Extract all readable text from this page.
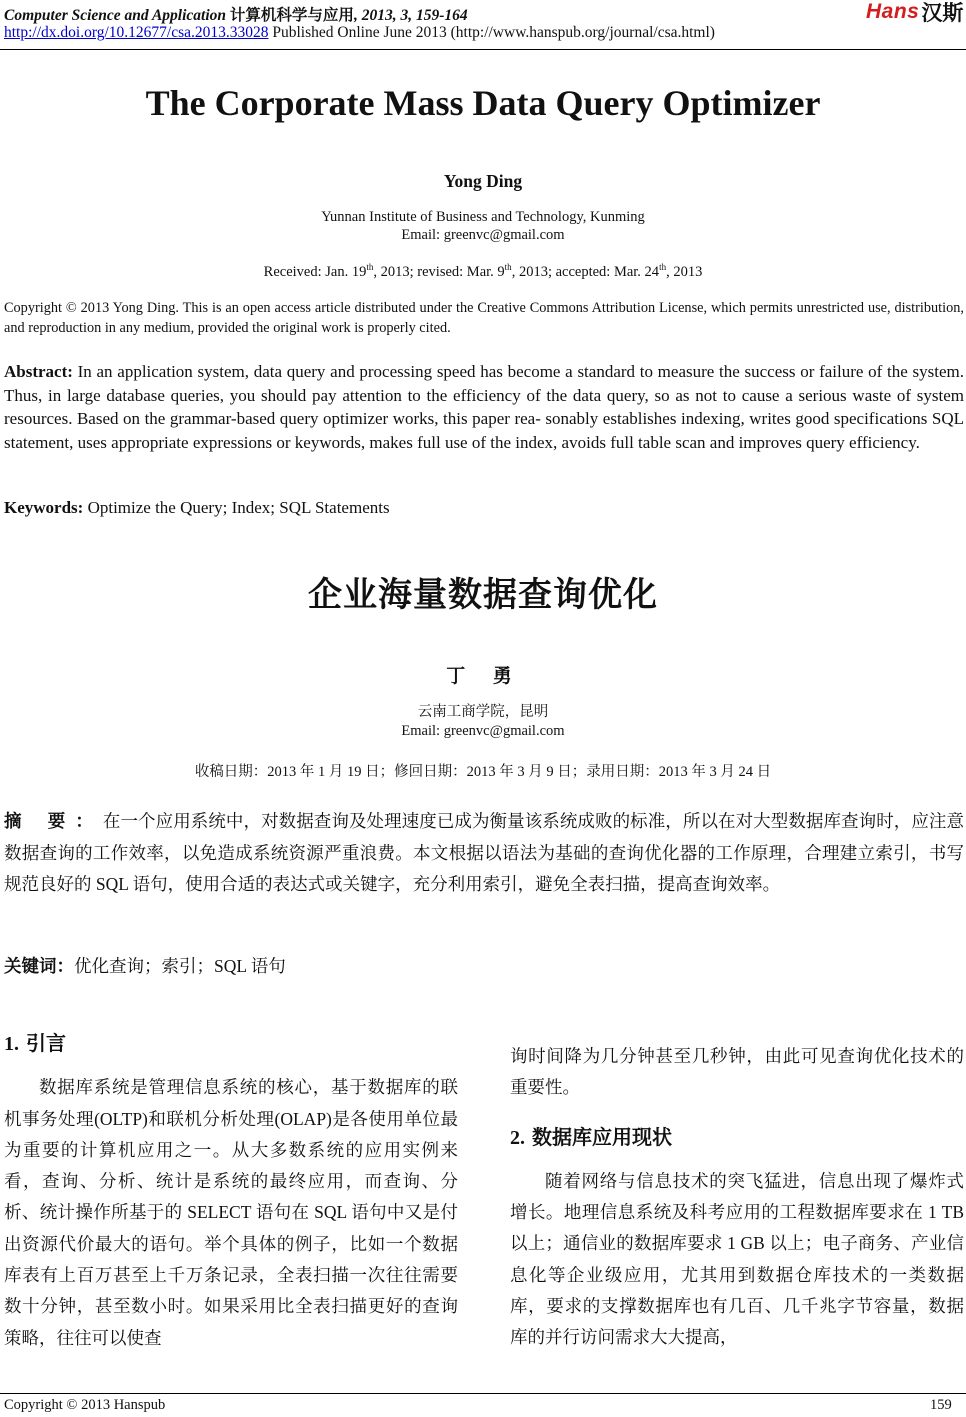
Computer Science and Application 计算机科学与应用, 2013, 3, 159-164
http://dx.doi.org/10.12677/csa.2013.33028 Published Online June 2013 (http://www.hanspub.org/journal/csa.html)
Hans 汉斯
The Corporate Mass Data Query Optimizer
Yong Ding
Yunnan Institute of Business and Technology, Kunming
Email: greenvc@gmail.com
Received: Jan. 19th, 2013; revised: Mar. 9th, 2013; accepted: Mar. 24th, 2013
Copyright © 2013 Yong Ding. This is an open access article distributed under the Creative Commons Attribution License, which permits unrestricted use, distribution, and reproduction in any medium, provided the original work is properly cited.
Abstract: In an application system, data query and processing speed has become a standard to measure the success or failure of the system. Thus, in large database queries, you should pay attention to the efficiency of the data query, so as not to cause a serious waste of system resources. Based on the grammar-based query optimizer works, this paper rea- sonably establishes indexing, writes good specifications SQL statement, uses appropriate expressions or keywords, makes full use of the index, avoids full table scan and improves query efficiency.
Keywords: Optimize the Query; Index; SQL Statements
企业海量数据查询优化
丁 勇
云南工商学院，昆明
Email: greenvc@gmail.com
收稿日期：2013 年 1 月 19 日；修回日期：2013 年 3 月 9 日；录用日期：2013 年 3 月 24 日
摘 要：在一个应用系统中，对数据查询及处理速度已成为衡量该系统成败的标准，所以在对大型数据库查询时，应注意数据查询的工作效率，以免造成系统资源严重浪费。本文根据以语法为基础的查询优化器的工作原理，合理建立索引，书写规范良好的 SQL 语句，使用合适的表达式或关键字，充分利用索引，避免全表扫描，提高查询效率。
关键词：优化查询；索引；SQL 语句
1. 引言

数据库系统是管理信息系统的核心，基于数据库的联机事务处理(OLTP)和联机分析处理(OLAP)是各使用单位最为重要的计算机应用之一。从大多数系统的应用实例来看，查询、分析、统计是系统的最终应用，而查询、分析、统计操作所基于的 SELECT 语句在 SQL 语句中又是付出资源代价最大的语句。举个具体的例子，比如一个数据库表有上百万甚至上千万条记录，全表扫描一次往往需要数十分钟，甚至数小时。如果采用比全表扫描更好的查询策略，往往可以使查

询时间降为几分钟甚至几秒钟，由此可见查询优化技术的重要性。

2. 数据库应用现状

随着网络与信息技术的突飞猛进，信息出现了爆炸式增长。地理信息系统及科考应用的工程数据库要求在 1 TB 以上；通信业的数据库要求 1 GB 以上；电子商务、产业信息化等企业级应用，尤其用到数据仓库技术的一类数据库，要求的支撑数据库也有几百、几千兆字节容量，数据库的并行访问需求大大提高，

Copyright © 2013 Hanspub	159
